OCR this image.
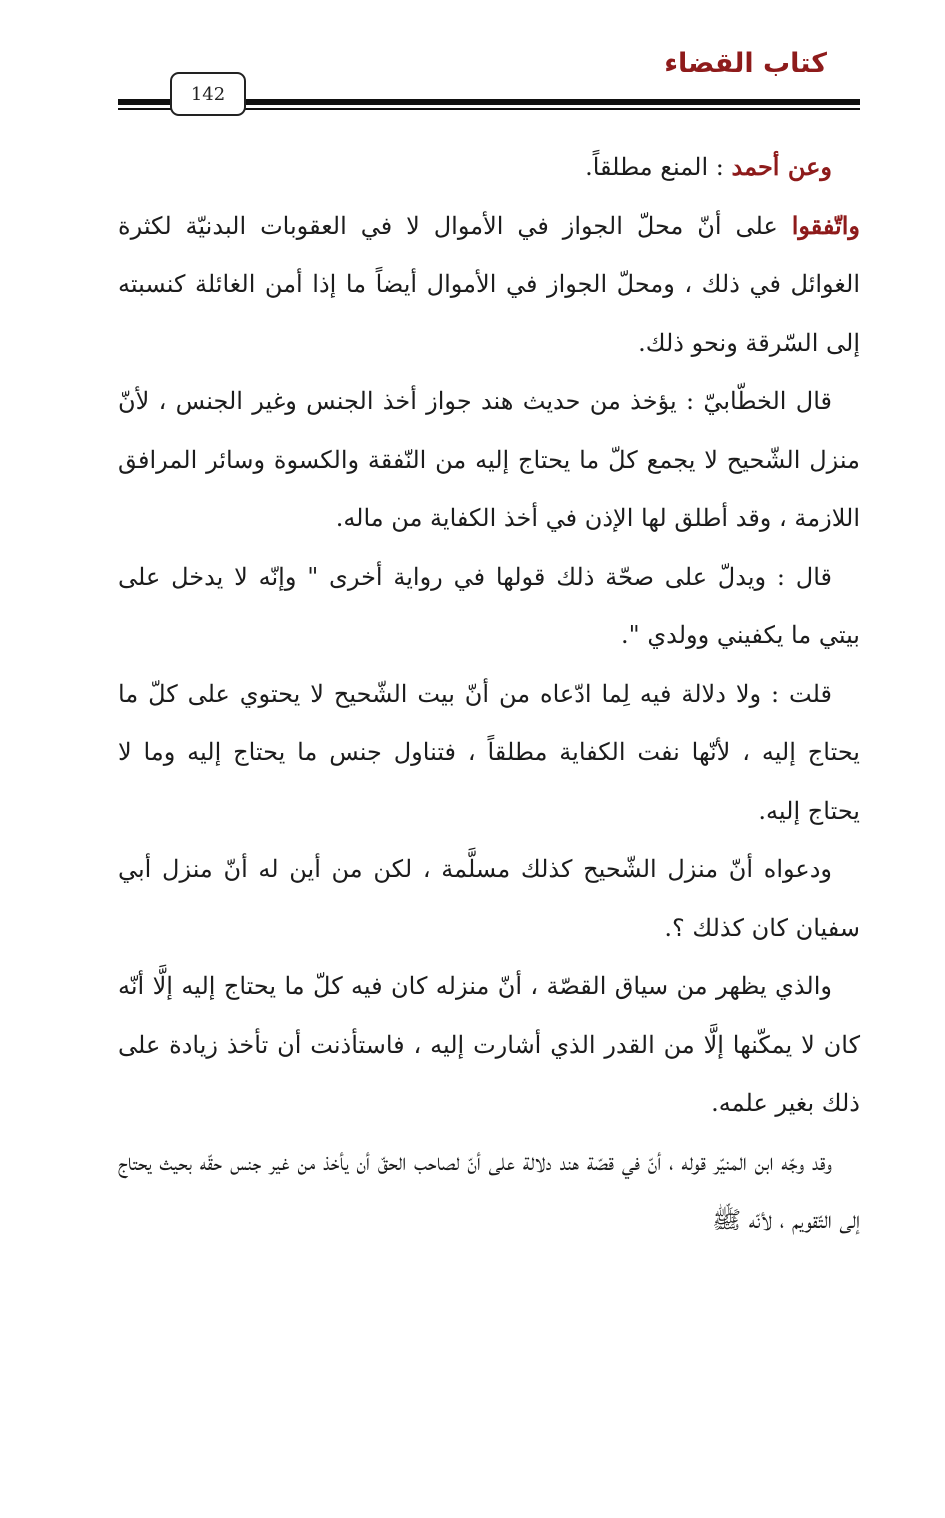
كتاب القضاء
142

وعن أحمد : المنع مطلقاً.

واتّفقوا على أنّ محلّ الجواز في الأموال لا في العقوبات البدنيّة لكثرة الغوائل في ذلك ، ومحلّ الجواز في الأموال أيضاً ما إذا أمن الغائلة كنسبته إلى السّرقة ونحو ذلك.

قال الخطّابيّ : يؤخذ من حديث هند جواز أخذ الجنس وغير الجنس ، لأنّ منزل الشّحيح لا يجمع كلّ ما يحتاج إليه من النّفقة والكسوة وسائر المرافق اللازمة ، وقد أطلق لها الإذن في أخذ الكفاية من ماله.

قال : ويدلّ على صحّة ذلك قولها في رواية أخرى " وإنّه لا يدخل على بيتي ما يكفيني وولدي ".

قلت : ولا دلالة فيه لِما ادّعاه من أنّ بيت الشّحيح لا يحتوي على كلّ ما يحتاج إليه ، لأنّها نفت الكفاية مطلقاً ، فتناول جنس ما يحتاج إليه وما لا يحتاج إليه.

ودعواه أنّ منزل الشّحيح كذلك مسلَّمة ، لكن من أين له أنّ منزل أبي سفيان كان كذلك ؟.

والذي يظهر من سياق القصّة ، أنّ منزله كان فيه كلّ ما يحتاج إليه إلَّا أنّه كان لا يمكّنها إلَّا من القدر الذي أشارت إليه ، فاستأذنت أن تأخذ زيادة على ذلك بغير علمه.

وقد وجّه ابن المنيّر قوله ، أنّ في قصّة هند دلالة على أنّ لصاحب الحقّ أن يأخذ من غير جنس حقّه بحيث يحتاج إلى التّقويم ، لأنّه ﷺ
